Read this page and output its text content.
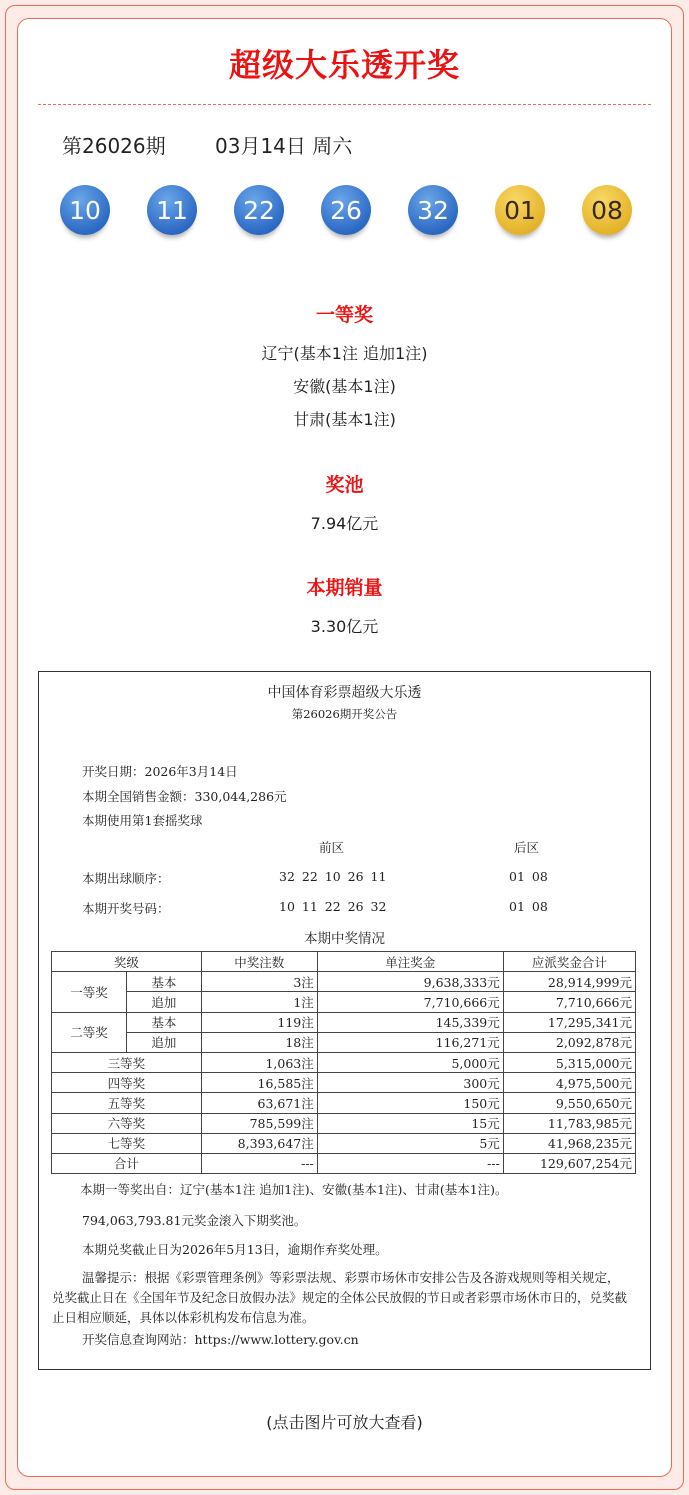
超级大乐透开奖
第26026期 03月14日 周六
10	11	22	26	32	01	08
一等奖

辽宁(基本1注 追加1注)

安徽(基本1注)

甘肃(基本1注)

奖池

7.94亿元

本期销量

3.30亿元

中国体育彩票超级大乐透
第26026期开奖公告
开奖日期：2026年3月14日
本期全国销售金额：330,044,286元
本期使用第1套摇奖球
前区	后区
本期出球顺序：	32 22 10 26 11	01 08
本期开奖号码：	10 11 22 26 32	01 08
本期中奖情况
奖级		中奖注数	单注奖金	应派奖金合计
一等奖	基本	3注	9,638,333元	28,914,999元
	追加	1注	7,710,666元	7,710,666元
二等奖	基本	119注	145,339元	17,295,341元
	追加	18注	116,271元	2,092,878元
三等奖		1,063注	5,000元	5,315,000元
四等奖		16,585注	300元	4,975,500元
五等奖		63,671注	150元	9,550,650元
六等奖		785,599注	15元	11,783,985元
七等奖		8,393,647注	5元	41,968,235元
合计		---	---	129,607,254元
本期一等奖出自：辽宁(基本1注 追加1注)、安徽(基本1注)、甘肃(基本1注)。
794,063,793.81元奖金滚入下期奖池。
本期兑奖截止日为2026年5月13日，逾期作弃奖处理。
温馨提示：根据《彩票管理条例》等彩票法规、彩票市场休市安排公告及各游戏规则等相关规定，兑奖截止日在《全国年节及纪念日放假办法》规定的全体公民放假的节日或者彩票市场休市日的，兑奖截止日相应顺延，具体以体彩机构发布信息为准。
开奖信息查询网站：https://www.lottery.gov.cn
(点击图片可放大查看)
